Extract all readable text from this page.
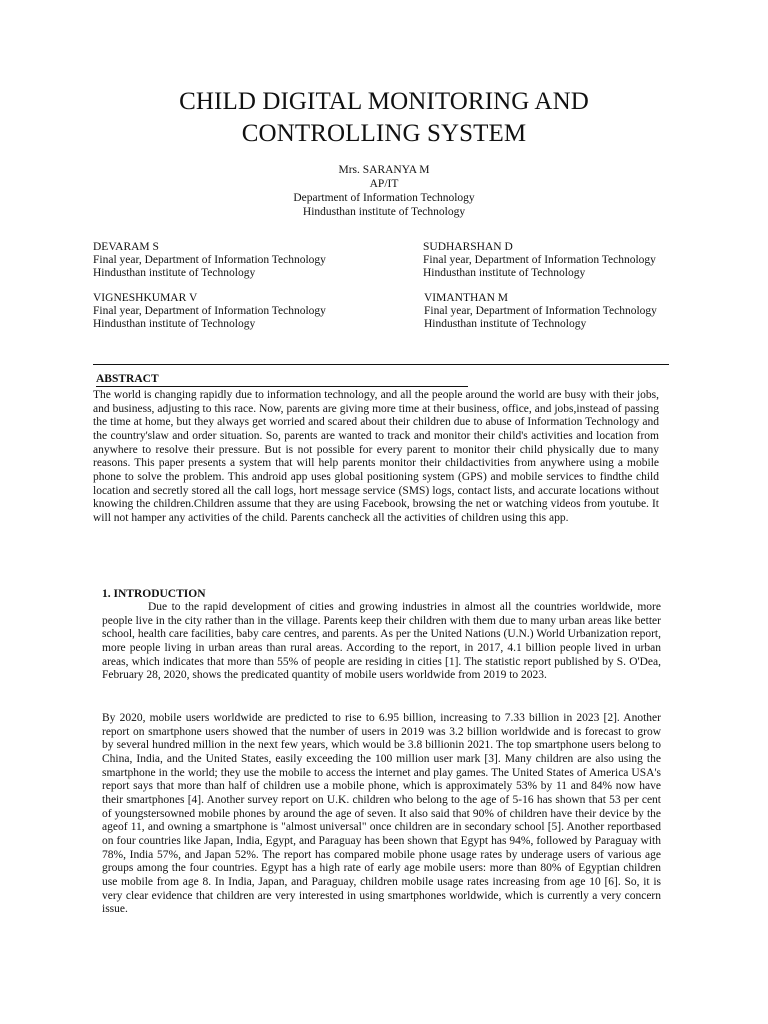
CHILD DIGITAL MONITORING AND
CONTROLLING SYSTEM
Mrs. SARANYA M
AP/IT
Department of Information Technology
Hindusthan institute of Technology
DEVARAM S
Final year, Department of Information Technology
Hindusthan institute of Technology
SUDHARSHAN D
Final year, Department of Information Technology
Hindusthan institute of Technology
VIGNESHKUMAR V
Final year, Department of Information Technology
Hindusthan institute of Technology
VIMANTHAN M
Final year, Department of Information Technology
Hindusthan institute of Technology
ABSTRACT

The world is changing rapidly due to information technology, and all the people around the world are busy with their jobs, and business, adjusting to this race. Now, parents are giving more time at their business, office, and jobs,instead of passing the time at home, but they always get worried and scared about their children due to abuse of Information Technology and the country'slaw and order situation. So, parents are wanted to track and monitor their child's activities and location from anywhere to resolve their pressure. But is not possible for every parent to monitor their child physically due to many reasons. This paper presents a system that will help parents monitor their childactivities from anywhere using a mobile phone to solve the problem. This android app uses global positioning system (GPS) and mobile services to findthe child location and secretly stored all the call logs, hort message service (SMS) logs, contact lists, and accurate locations without knowing the children.Children assume that they are using Facebook, browsing the net or watching videos from youtube. It will not hamper any activities of the child. Parents cancheck all the activities of children using this app.

1. INTRODUCTION

Due to the rapid development of cities and growing industries in almost all the countries worldwide, more people live in the city rather than in the village. Parents keep their children with them due to many urban areas like better school, health care facilities, baby care centres, and parents. As per the United Nations (U.N.) World Urbanization report, more people living in urban areas than rural areas. According to the report, in 2017, 4.1 billion people lived in urban areas, which indicates that more than 55% of people are residing in cities [1]. The statistic report published by S. O'Dea, February 28, 2020, shows the predicated quantity of mobile users worldwide from 2019 to 2023.

By 2020, mobile users worldwide are predicted to rise to 6.95 billion, increasing to 7.33 billion in 2023 [2]. Another report on smartphone users showed that the number of users in 2019 was 3.2 billion worldwide and is forecast to grow by several hundred million in the next few years, which would be 3.8 billionin 2021. The top smartphone users belong to China, India, and the United States, easily exceeding the 100 million user mark [3]. Many children are also using the smartphone in the world; they use the mobile to access the internet and play games. The United States of America USA's report says that more than half of children use a mobile phone, which is approximately 53% by 11 and 84% now have their smartphones [4]. Another survey report on U.K. children who belong to the age of 5-16 has shown that 53 per cent of youngstersowned mobile phones by around the age of seven. It also said that 90% of children have their device by the ageof 11, and owning a smartphone is "almost universal" once children are in secondary school [5]. Another reportbased on four countries like Japan, India, Egypt, and Paraguay has been shown that Egypt has 94%, followed by Paraguay with 78%, India 57%, and Japan 52%. The report has compared mobile phone usage rates by underage users of various age groups among the four countries. Egypt has a high rate of early age mobile users: more than 80% of Egyptian children use mobile from age 8. In India, Japan, and Paraguay, children mobile usage rates increasing from age 10 [6]. So, it is very clear evidence that children are very interested in using smartphones worldwide, which is currently a very concern issue.
